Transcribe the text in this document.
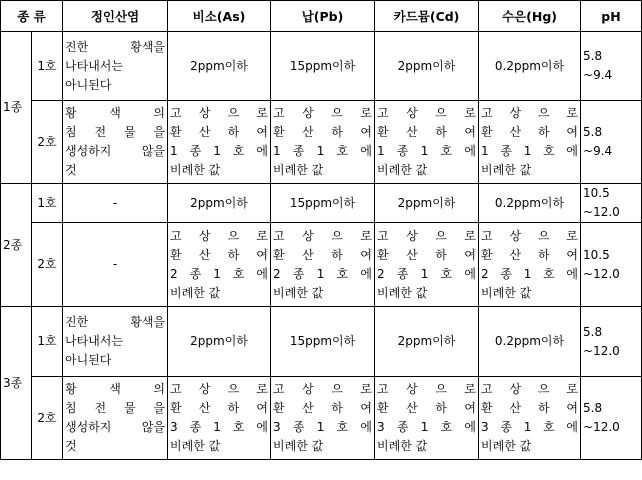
종 류		정인산염	비소(As)	납(Pb)	카드뮴(Cd)	수은(Hg)	pH
1종	1호	진한 황색을
나타내서는
아니된다	2ppm이하	15ppm이하	2ppm이하	0.2ppm이하	5.8
~9.4

	2호	황 색 의
침 전 물 을
생성하지 않을
것	고 상 으 로
환 산 하 여
1 종 1 호 에
비례한 값	고 상 으 로
환 산 하 여
1 종 1 호 에
비례한 값	고 상 으 로
환 산 하 여
1 종 1 호 에
비례한 값	고 상 으 로
환 산 하 여
1 종 1 호 에
비례한 값	5.8
~9.4

2종	1호	-	2ppm이하	15ppm이하	2ppm이하	0.2ppm이하	10.5
~12.0

	2호	-	고 상 으 로
환 산 하 여
2 종 1 호 에
비례한 값	고 상 으 로
환 산 하 여
2 종 1 호 에
비례한 값	고 상 으 로
환 산 하 여
2 종 1 호 에
비례한 값	고 상 으 로
환 산 하 여
2 종 1 호 에
비례한 값	10.5
~12.0

3종	1호	진한 황색을
나타내서는
아니된다	2ppm이하	15ppm이하	2ppm이하	0.2ppm이하	5.8
~12.0

	2호	황 색 의
침 전 물 을
생성하지 않을
것	고 상 으 로
환 산 하 여
3 종 1 호 에
비례한 값	고 상 으 로
환 산 하 여
3 종 1 호 에
비례한 값	고 상 으 로
환 산 하 여
3 종 1 호 에
비례한 값	고 상 으 로
환 산 하 여
3 종 1 호 에
비례한 값	5.8
~12.0
